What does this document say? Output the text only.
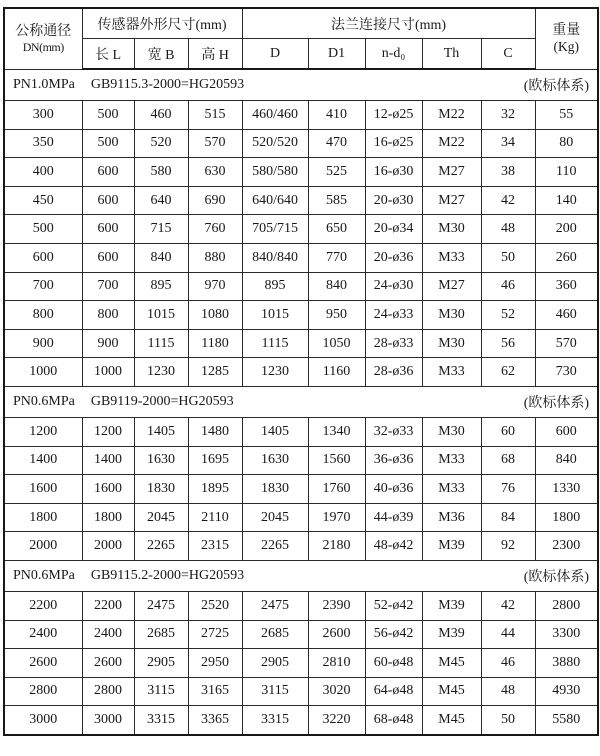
公称通径
DN(mm)
	传感器外形尺寸(mm)	法兰连接尺寸(mm)	重量
(Kg)

	长 L	宽 B	高 H	D	D1	n-d₀	Th	C	

PN1.0MPa GB9115.3-2000=HG20593 (欧标体系)									

300	500	460	515	460/460	410	12-ø25	M22	32	55
350	500	520	570	520/520	470	16-ø25	M22	34	80
400	600	580	630	580/580	525	16-ø30	M27	38	110
450	600	640	690	640/640	585	20-ø30	M27	42	140
500	600	715	760	705/715	650	20-ø34	M30	48	200
600	600	840	880	840/840	770	20-ø36	M33	50	260
700	700	895	970	895	840	24-ø30	M27	46	360
800	800	1015	1080	1015	950	24-ø33	M30	52	460
900	900	1115	1180	1115	1050	28-ø33	M30	56	570
1000	1000	1230	1285	1230	1160	28-ø36	M33	62	730

PN0.6MPa GB9119-2000=HG20593 (欧标体系)									

1200	1200	1405	1480	1405	1340	32-ø33	M30	60	600
1400	1400	1630	1695	1630	1560	36-ø36	M33	68	840
1600	1600	1830	1895	1830	1760	40-ø36	M33	76	1330
1800	1800	2045	2110	2045	1970	44-ø39	M36	84	1800
2000	2000	2265	2315	2265	2180	48-ø42	M39	92	2300

PN0.6MPa GB9115.2-2000=HG20593 (欧标体系)									

2200	2200	2475	2520	2475	2390	52-ø42	M39	42	2800
2400	2400	2685	2725	2685	2600	56-ø42	M39	44	3300
2600	2600	2905	2950	2905	2810	60-ø48	M45	46	3880
2800	2800	3115	3165	3115	3020	64-ø48	M45	48	4930
3000	3000	3315	3365	3315	3220	68-ø48	M45	50	5580
